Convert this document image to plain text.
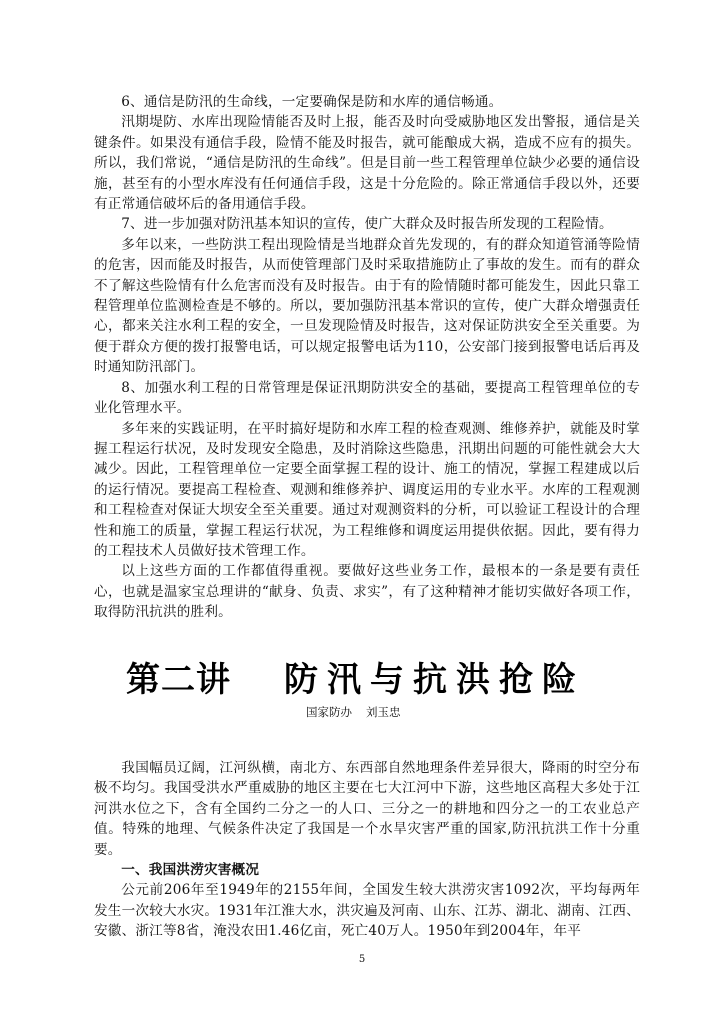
6、通信是防汛的生命线，一定要确保是防和水库的通信畅通。

汛期堤防、水库出现险情能否及时上报，能否及时向受威胁地区发出警报，通信是关键条件。如果没有通信手段，险情不能及时报告，就可能酿成大祸，造成不应有的损失。所以，我们常说，“通信是防汛的生命线”。但是目前一些工程管理单位缺少必要的通信设施，甚至有的小型水库没有任何通信手段，这是十分危险的。除正常通信手段以外，还要有正常通信破坏后的备用通信手段。

7、进一步加强对防汛基本知识的宣传，使广大群众及时报告所发现的工程险情。

多年以来，一些防洪工程出现险情是当地群众首先发现的，有的群众知道管涌等险情的危害，因而能及时报告，从而使管理部门及时采取措施防止了事故的发生。而有的群众不了解这些险情有什么危害而没有及时报告。由于有的险情随时都可能发生，因此只靠工程管理单位监测检查是不够的。所以，要加强防汛基本常识的宣传，使广大群众增强责任心，都来关注水利工程的安全，一旦发现险情及时报告，这对保证防洪安全至关重要。为便于群众方便的拨打报警电话，可以规定报警电话为110，公安部门接到报警电话后再及时通知防汛部门。

8、加强水利工程的日常管理是保证汛期防洪安全的基础，要提高工程管理单位的专业化管理水平。

多年来的实践证明，在平时搞好堤防和水库工程的检查观测、维修养护，就能及时掌握工程运行状况，及时发现安全隐患，及时消除这些隐患，汛期出问题的可能性就会大大减少。因此，工程管理单位一定要全面掌握工程的设计、施工的情况，掌握工程建成以后的运行情况。要提高工程检查、观测和维修养护、调度运用的专业水平。水库的工程观测和工程检查对保证大坝安全至关重要。通过对观测资料的分析，可以验证工程设计的合理性和施工的质量，掌握工程运行状况，为工程维修和调度运用提供依据。因此，要有得力的工程技术人员做好技术管理工作。

以上这些方面的工作都值得重视。要做好这些业务工作，最根本的一条是要有责任心，也就是温家宝总理讲的“献身、负责、求实”，有了这种精神才能切实做好各项工作，取得防汛抗洪的胜利。

第二讲 防汛与抗洪抢险
国家防办 刘玉忠

我国幅员辽阔，江河纵横，南北方、东西部自然地理条件差异很大，降雨的时空分布极不均匀。我国受洪水严重威胁的地区主要在七大江河中下游，这些地区高程大多处于江河洪水位之下，含有全国约二分之一的人口、三分之一的耕地和四分之一的工农业总产值。特殊的地理、气候条件决定了我国是一个水旱灾害严重的国家,防汛抗洪工作十分重要。

一、我国洪涝灾害概况

公元前206年至1949年的2155年间，全国发生较大洪涝灾害1092次，平均每两年发生一次较大水灾。1931年江淮大水，洪灾遍及河南、山东、江苏、湖北、湖南、江西、安徽、浙江等8省，淹没农田1.46亿亩，死亡40万人。1950年到2004年，年平

5
